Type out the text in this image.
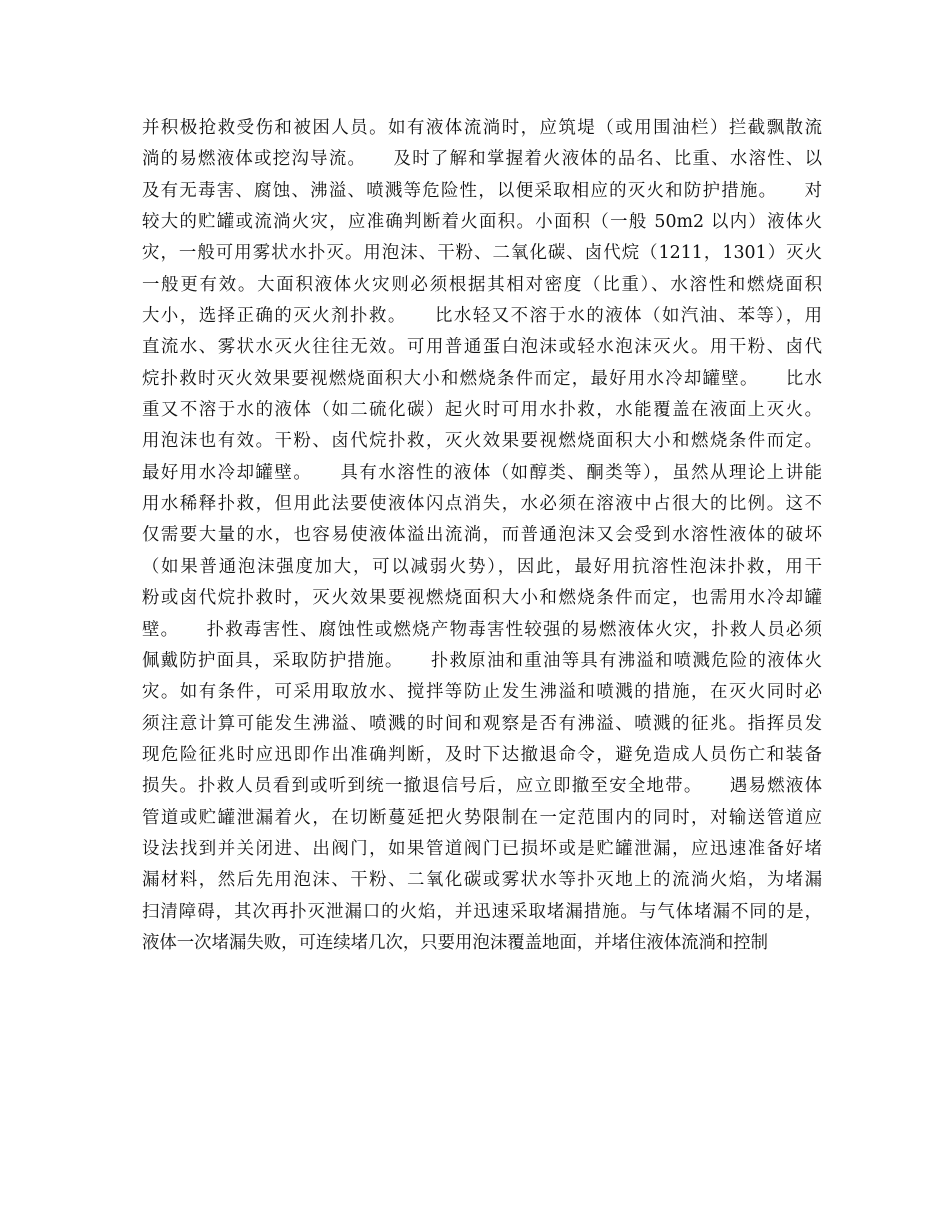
并积极抢救受伤和被困人员。如有液体流淌时，应筑堤（或用围油栏）拦截飘散流
淌的易燃液体或挖沟导流。    及时了解和掌握着火液体的品名、比重、水溶性、以
及有无毒害、腐蚀、沸溢、喷溅等危险性，以便采取相应的灭火和防护措施。    对
较大的贮罐或流淌火灾，应准确判断着火面积。小面积（一般 50m2 以内）液体火
灾，一般可用雾状水扑灭。用泡沫、干粉、二氧化碳、卤代烷（1211，1301）灭火
一般更有效。大面积液体火灾则必须根据其相对密度（比重）、水溶性和燃烧面积
大小，选择正确的灭火剂扑救。    比水轻又不溶于水的液体（如汽油、苯等），用
直流水、雾状水灭火往往无效。可用普通蛋白泡沫或轻水泡沫灭火。用干粉、卤代
烷扑救时灭火效果要视燃烧面积大小和燃烧条件而定，最好用水冷却罐壁。    比水
重又不溶于水的液体（如二硫化碳）起火时可用水扑救，水能覆盖在液面上灭火。
用泡沫也有效。干粉、卤代烷扑救，灭火效果要视燃烧面积大小和燃烧条件而定。
最好用水冷却罐壁。    具有水溶性的液体（如醇类、酮类等），虽然从理论上讲能
用水稀释扑救，但用此法要使液体闪点消失，水必须在溶液中占很大的比例。这不
仅需要大量的水，也容易使液体溢出流淌，而普通泡沫又会受到水溶性液体的破坏
（如果普通泡沫强度加大，可以减弱火势），因此，最好用抗溶性泡沫扑救，用干
粉或卤代烷扑救时，灭火效果要视燃烧面积大小和燃烧条件而定，也需用水冷却罐
壁。    扑救毒害性、腐蚀性或燃烧产物毒害性较强的易燃液体火灾，扑救人员必须
佩戴防护面具，采取防护措施。    扑救原油和重油等具有沸溢和喷溅危险的液体火
灾。如有条件，可采用取放水、搅拌等防止发生沸溢和喷溅的措施，在灭火同时必
须注意计算可能发生沸溢、喷溅的时间和观察是否有沸溢、喷溅的征兆。指挥员发
现危险征兆时应迅即作出准确判断，及时下达撤退命令，避免造成人员伤亡和装备
损失。扑救人员看到或听到统一撤退信号后，应立即撤至安全地带。    遇易燃液体
管道或贮罐泄漏着火，在切断蔓延把火势限制在一定范围内的同时，对输送管道应
设法找到并关闭进、出阀门，如果管道阀门已损坏或是贮罐泄漏，应迅速准备好堵
漏材料，然后先用泡沫、干粉、二氧化碳或雾状水等扑灭地上的流淌火焰，为堵漏
扫清障碍，其次再扑灭泄漏口的火焰，并迅速采取堵漏措施。与气体堵漏不同的是，
液体一次堵漏失败，可连续堵几次，只要用泡沫覆盖地面，并堵住液体流淌和控制
